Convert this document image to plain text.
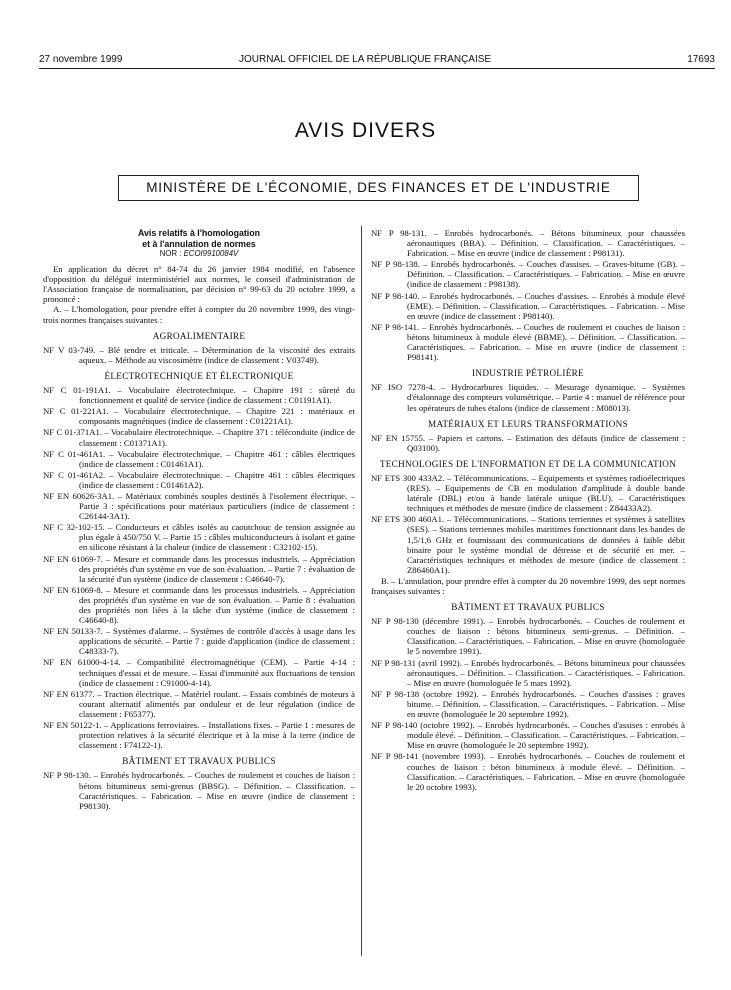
27 novembre 1999	JOURNAL OFFICIEL DE LA RÉPUBLIQUE FRANÇAISE	17693
AVIS DIVERS
MINISTÈRE DE L'ÉCONOMIE, DES FINANCES ET DE L'INDUSTRIE
Avis relatifs à l'homologation
et à l'annulation de normes
NOR : ECOI9910084V

En application du décret n° 84-74 du 26 janvier 1984 modifié, en l'absence d'opposition du délégué interministériel aux normes, le conseil d'administration de l'Association française de normalisation, par décision n° 99-63 du 20 octobre 1999, a prononcé :

A. – L'homologation, pour prendre effet à compter du 20 novembre 1999, des vingt-trois normes françaises suivantes :

AGROALIMENTAIRE

NF V 03-749. – Blé tendre et triticale. – Détermination de la viscosité des extraits aqueux. – Méthode au viscosimètre (indice de classement : V03749).

ÉLECTROTECHNIQUE ET ÉLECTRONIQUE

NF C 01-191A1. – Vocabulaire électrotechnique. – Chapitre 191 : sûreté du fonctionnement et qualité de service (indice de classement : C01191A1).

NF C 01-221A1. – Vocabulaire électrotechnique. – Chapitre 221 : matériaux et composants magnétiques (indice de classement : C01221A1).

NF C 01-371A1. – Vocabulaire électrotechnique. – Chapitre 371 : téléconduite (indice de classement : C01371A1).

NF C 01-461A1. – Vocabulaire électrotechnique. – Chapitre 461 : câbles électriques (indice de classement : C01461A1).

NF C 01-461A2. – Vocabulaire électrotechnique. – Chapitre 461 : câbles électriques (indice de classement : C01461A2).

NF EN 60626-3A1. – Matériaux combinés souples destinés à l'isolement électrique. – Partie 3 : spécifications pour matériaux particuliers (indice de classement : C26144-3A1).

NF C 32-102-15. – Conducteurs et câbles isolés au caoutchouc de tension assignée au plus égale à 450/750 V. – Partie 15 : câbles multiconducteurs à isolant et gaine en silicone résistant à la chaleur (indice de classement : C32102-15).

NF EN 61069-7. – Mesure et commande dans les processus industriels. – Appréciation des propriétés d'un système en vue de son évaluation. – Partie 7 : évaluation de la sécurité d'un système (indice de classement : C46640-7).

NF EN 61069-8. – Mesure et commande dans les processus industriels. – Appréciation des propriétés d'un système en vue de son évaluation. – Partie 8 : évaluation des propriétés non liées à la tâche d'un système (indice de classement : C46640-8).

NF EN 50133-7. – Systèmes d'alarme. – Systèmes de contrôle d'accès à usage dans les applications de sécurité. – Partie 7 : guide d'application (indice de classement : C48333-7).

NF EN 61000-4-14. – Compatibilité électromagnétique (CEM). – Partie 4-14 : techniques d'essai et de mesure. – Essai d'immunité aux fluctuations de tension (indice de classement : C91000-4-14).

NF EN 61377. – Traction électrique. – Matériel roulant. – Essais combinés de moteurs à courant alternatif alimentés par onduleur et de leur régulation (indice de classement : F65377).

NF EN 50122-1. – Applications ferroviaires. – Installations fixes. – Partie 1 : mesures de protection relatives à la sécurité électrique et à la mise à la terre (indice de classement : F74122-1).

BÂTIMENT ET TRAVAUX PUBLICS

NF P 98-130. – Enrobés hydrocarbonés. – Couches de roulement et couches de liaison : bétons bitumineux semi-grenus (BBSG). – Définition. – Classification. – Caractéristiques. – Fabrication. – Mise en œuvre (indice de classement : P98130).

NF P 98-131. – Enrobés hydrocarbonés. – Bétons bitumineux pour chaussées aéronautiques (BBA). – Définition. – Classification. – Caractéristiques. – Fabrication. – Mise en œuvre (indice de classement : P98131).

NF P 98-138. – Enrobés hydrocarbonés. – Couches d'assises. – Graves-bitume (GB). – Définition. – Classification. – Caractéristiques. – Fabrication. – Mise en œuvre (indice de classement : P98138).

NF P 98-140. – Enrobés hydrocarbonés. – Couches d'assises. – Enrobés à module élevé (EME). – Définition. – Classification. – Caractéristiques. – Fabrication. – Mise en œuvre (indice de classement : P98140).

NF P 98-141. – Enrobés hydrocarbonés. – Couches de roulement et couches de liaison : bétons bitumineux à module élevé (BBME). – Définition. – Classification. – Caractéristiques. – Fabrication. – Mise en œuvre (indice de classement : P98141).

INDUSTRIE PÉTROLIÈRE

NF ISO 7278-4. – Hydrocarbures liquides. – Mesurage dynamique. – Systèmes d'étalonnage des compteurs volumétrique. – Partie 4 : manuel de référence pour les opérateurs de tubes étalons (indice de classement : M08013).

MATÉRIAUX ET LEURS TRANSFORMATIONS

NF EN 15755. – Papiers et cartons. – Estimation des défauts (indice de classement : Q03100).

TECHNOLOGIES DE L'INFORMATION ET DE LA COMMUNICATION

NF ETS 300 433A2. – Télécommunications. – Equipements et systèmes radioélectriques (RES). – Equipements de CB en modulation d'amplitude à double bande latérale (DBL) et/ou à bande latérale unique (BLU). – Caractéristiques techniques et méthodes de mesure (indice de classement : Z84433A2).

NF ETS 300 460A1. – Télécommunications. – Stations terriennes et systèmes à satellites (SES). – Stations terriennes mobiles maritimes fonctionnant dans les bandes de 1,5/1,6 GHz et fournissant des communications de données à faible débit binaire pour le système mondial de détresse et de sécurité en mer. – Caractéristiques techniques et méthodes de mesure (indice de classement : Z86460A1).

B. – L'annulation, pour prendre effet à compter du 20 novembre 1999, des sept normes françaises suivantes :

BÂTIMENT ET TRAVAUX PUBLICS

NF P 98-130 (décembre 1991). – Enrobés hydrocarbonés. – Couches de roulement et couches de liaison : bétons bitumineux semi-grenus. – Définition. – Classification. – Caractéristiques. – Fabrication. – Mise en œuvre (homologuée le 5 novembre 1991).

NF P 98-131 (avril 1992). – Enrobés hydrocarbonés. – Bétons bitumineux pour chaussées aéronautiques. – Définition. – Classification. – Caractéristiques. – Fabrication. – Mise en œuvre (homologuée le 5 mars 1992).

NF P 98-138 (octobre 1992). – Enrobés hydrocarbonés. – Couches d'assises : graves bitume. – Définition. – Classification. – Caractéristiques. – Fabrication. – Mise en œuvre (homologuée le 20 septembre 1992).

NF P 98-140 (octobre 1992). – Enrobés hydrocarbonés. – Couches d'assises : enrobés à module élevé. – Définition. – Classification. – Caractéristiques. – Fabrication. – Mise en œuvre (homologuée le 20 septembre 1992).

NF P 98-141 (novembre 1993). – Enrobés hydrocarbonés. – Couches de roulement et couches de liaison : béton bitumineux à module élevé. – Définition. – Classification. – Caractéristiques. – Fabrication. – Mise en œuvre (homologuée le 20 octobre 1993).
